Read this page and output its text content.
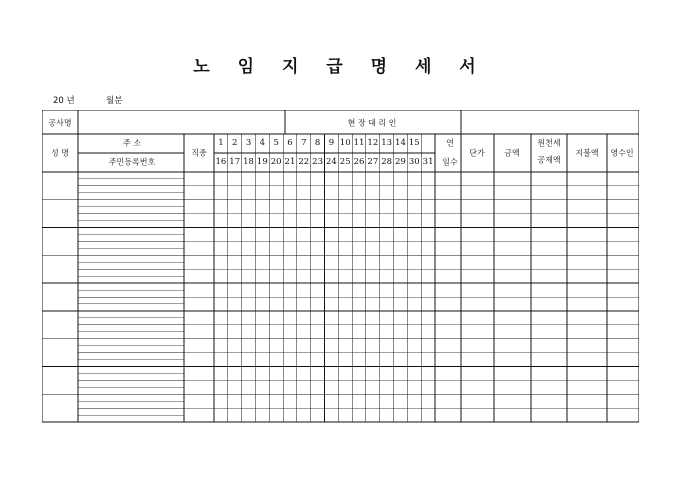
노 임 지 급 명 세 서
20 년	월분
공사명	현 장 대 리 인
성 명
주 소
주민등록번호
직종
연
일수
단가 금액
원천세
공제액
지불액 영수인
1 2 3 4 5 6 7 8 9 10 11 12 13 14 15
16 17 18 19 20 21 22 23 24 25 26 27 28 29 30 31
